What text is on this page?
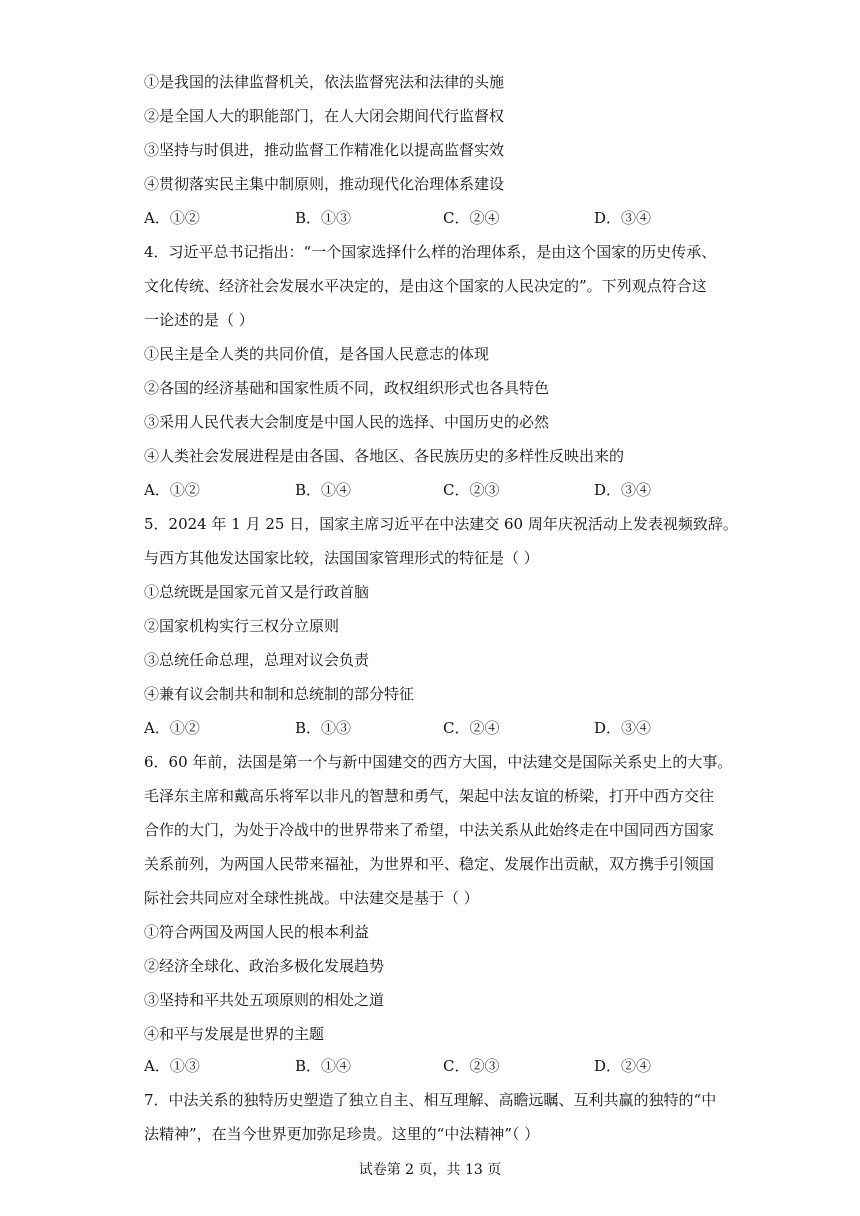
①是我国的法律监督机关，依法监督宪法和法律的头施
②是全国人大的职能部门，在人大闭会期间代行监督权
③坚持与时俱进，推动监督工作精准化以提高监督实效
④贯彻落实民主集中制原则，推动现代化治理体系建设
A．①②	B．①③	C．②④	D．③④
4．习近平总书记指出：“一个国家选择什么样的治理体系，是由这个国家的历史传承、
文化传统、经济社会发展水平决定的，是由这个国家的人民决定的”。下列观点符合这
一论述的是（ ）
①民主是全人类的共同价值，是各国人民意志的体现
②各国的经济基础和国家性质不同，政权组织形式也各具特色
③采用人民代表大会制度是中国人民的选择、中国历史的必然
④人类社会发展进程是由各国、各地区、各民族历史的多样性反映出来的
A．①②	B．①④	C．②③	D．③④
5．2024 年 1 月 25 日，国家主席习近平在中法建交 60 周年庆祝活动上发表视频致辞。
与西方其他发达国家比较，法国国家管理形式的特征是（ ）
①总统既是国家元首又是行政首脑
②国家机构实行三权分立原则
③总统任命总理，总理对议会负责
④兼有议会制共和制和总统制的部分特征
A．①②	B．①③	C．②④	D．③④
6．60 年前，法国是第一个与新中国建交的西方大国，中法建交是国际关系史上的大事。
毛泽东主席和戴高乐将军以非凡的智慧和勇气，架起中法友谊的桥梁，打开中西方交往
合作的大门，为处于冷战中的世界带来了希望，中法关系从此始终走在中国同西方国家
关系前列，为两国人民带来福祉，为世界和平、稳定、发展作出贡献，双方携手引领国
际社会共同应对全球性挑战。中法建交是基于（ ）
①符合两国及两国人民的根本利益
②经济全球化、政治多极化发展趋势
③坚持和平共处五项原则的相处之道
④和平与发展是世界的主题
A．①③	B．①④	C．②③	D．②④
7．中法关系的独特历史塑造了独立自主、相互理解、高瞻远瞩、互利共赢的独特的“中
法精神”，在当今世界更加弥足珍贵。这里的“中法精神”（ ）
试卷第 2 页，共 13 页
